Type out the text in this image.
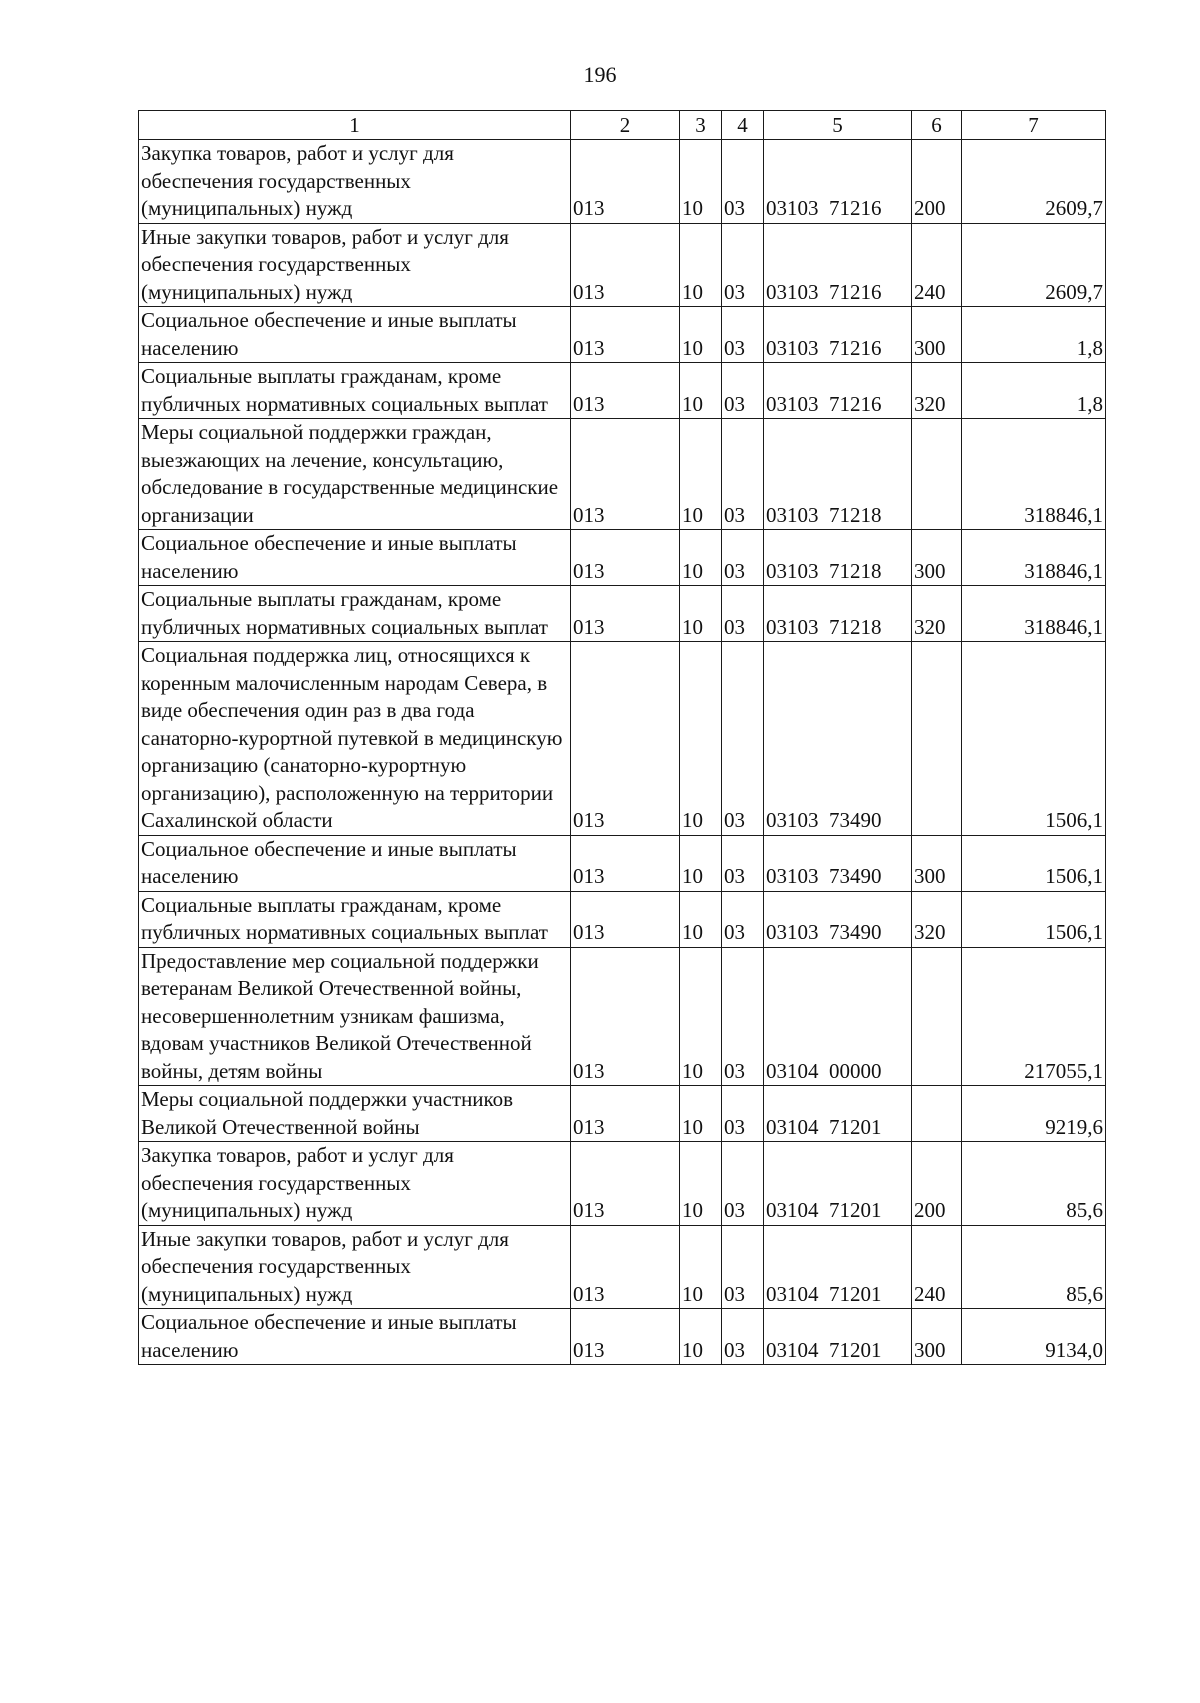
196
1	2	3	4	5	6	7
Закупка товаров, работ и услуг для обеспечения государственных (муниципальных) нужд	013	10	03	03103  71216	200	2609,7
Иные закупки товаров, работ и услуг для обеспечения государственных (муниципальных) нужд	013	10	03	03103  71216	240	2609,7
Социальное обеспечение и иные выплаты населению	013	10	03	03103  71216	300	1,8
Социальные выплаты гражданам, кроме публичных нормативных социальных выплат	013	10	03	03103  71216	320	1,8
Меры социальной поддержки граждан, выезжающих на лечение, консультацию, обследование в государственные медицинские организации	013	10	03	03103  71218		318846,1
Социальное обеспечение и иные выплаты населению	013	10	03	03103  71218	300	318846,1
Социальные выплаты гражданам, кроме публичных нормативных социальных выплат	013	10	03	03103  71218	320	318846,1
Социальная поддержка лиц, относящихся к коренным малочисленным народам Севера, в виде обеспечения один раз в два года санаторно-курортной путевкой в медицинскую организацию (санаторно-курортную организацию), расположенную на территории Сахалинской области	013	10	03	03103  73490		1506,1
Социальное обеспечение и иные выплаты населению	013	10	03	03103  73490	300	1506,1
Социальные выплаты гражданам, кроме публичных нормативных социальных выплат	013	10	03	03103  73490	320	1506,1
Предоставление мер социальной поддержки ветеранам Великой Отечественной войны, несовершеннолетним узникам фашизма, вдовам участников Великой Отечественной войны, детям войны	013	10	03	03104  00000		217055,1
Меры социальной поддержки участников Великой Отечественной войны	013	10	03	03104  71201		9219,6
Закупка товаров, работ и услуг для обеспечения государственных (муниципальных) нужд	013	10	03	03104  71201	200	85,6
Иные закупки товаров, работ и услуг для обеспечения государственных (муниципальных) нужд	013	10	03	03104  71201	240	85,6
Социальное обеспечение и иные выплаты населению	013	10	03	03104  71201	300	9134,0
